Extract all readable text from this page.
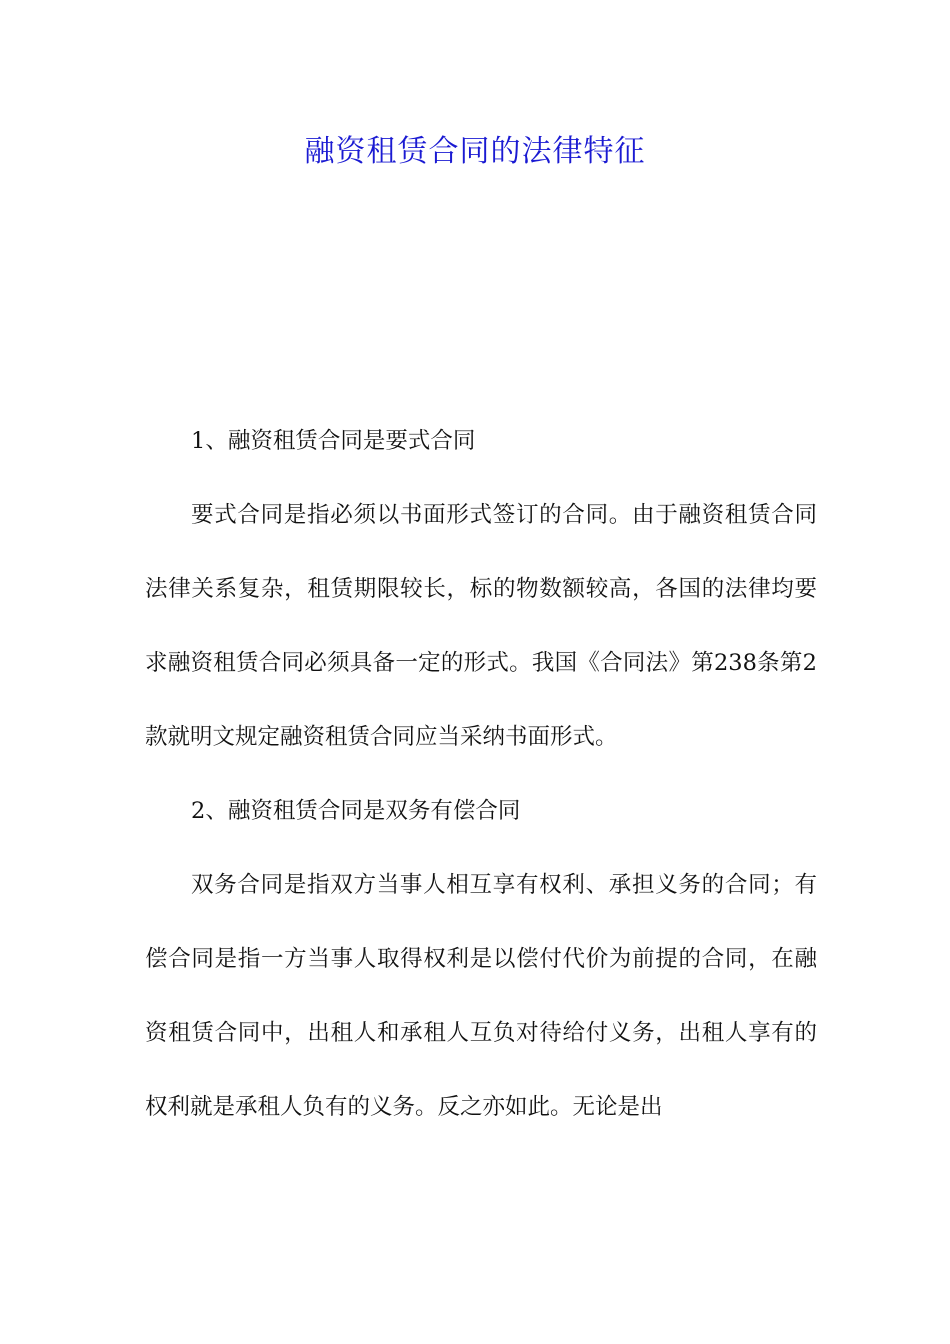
融资租赁合同的法律特征

1、融资租赁合同是要式合同

要式合同是指必须以书面形式签订的合同。由于融资租赁合同法律关系复杂，租赁期限较长，标的物数额较高，各国的法律均要求融资租赁合同必须具备一定的形式。我国《合同法》第238条第2款就明文规定融资租赁合同应当采纳书面形式。

2、融资租赁合同是双务有偿合同

双务合同是指双方当事人相互享有权利、承担义务的合同；有偿合同是指一方当事人取得权利是以偿付代价为前提的合同，在融资租赁合同中，出租人和承租人互负对待给付义务，出租人享有的权利就是承租人负有的义务。反之亦如此。无论是出
